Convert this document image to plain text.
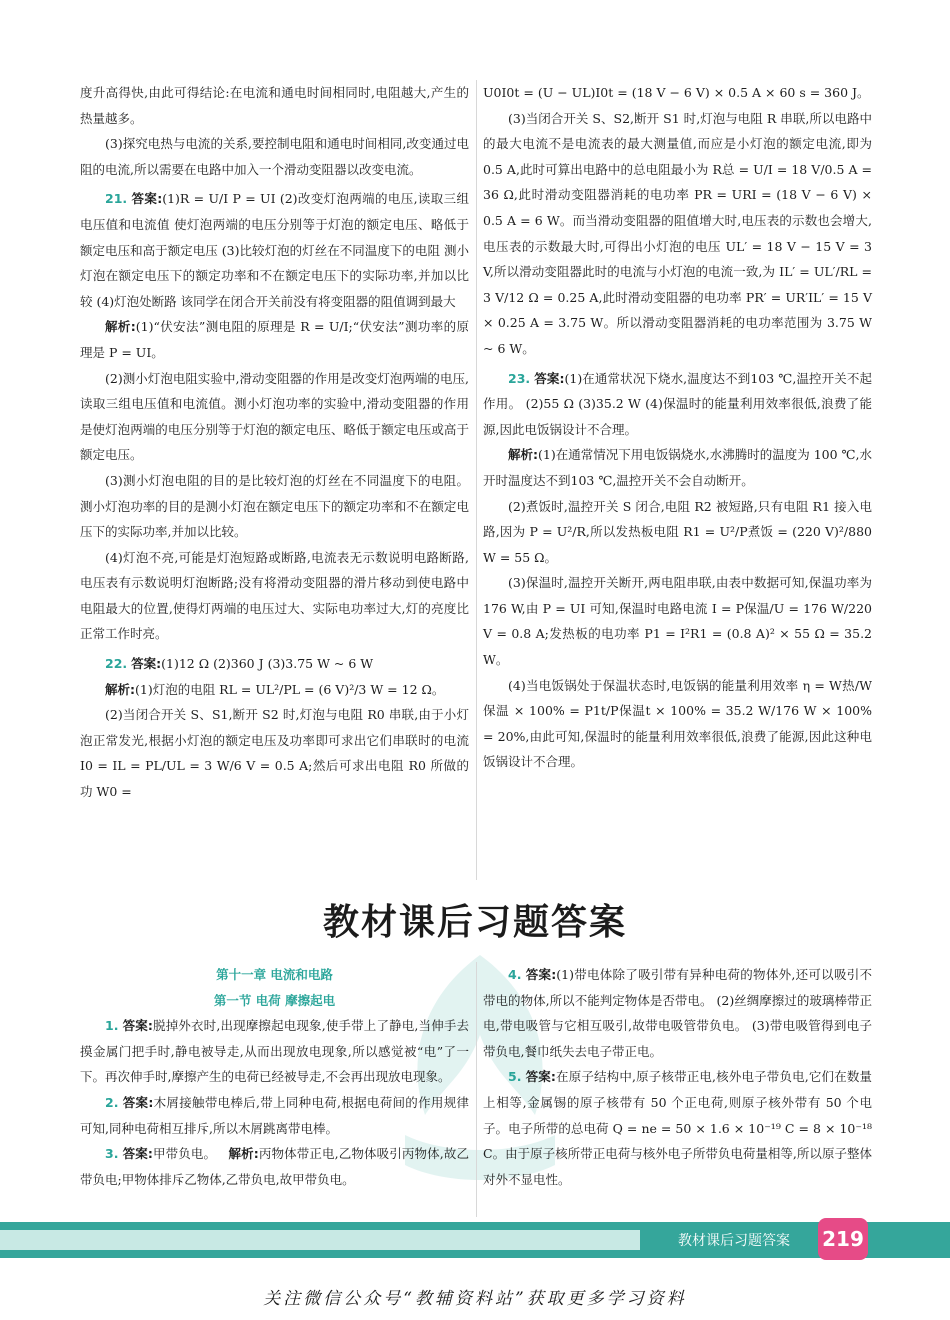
度升高得快,由此可得结论:在电流和通电时间相同时,电阻越大,产生的热量越多。

(3)探究电热与电流的关系,要控制电阻和通电时间相同,改变通过电阻的电流,所以需要在电路中加入一个滑动变阻器以改变电流。

21. 答案:(1)R = U/I P = UI (2)改变灯泡两端的电压,读取三组电压值和电流值 使灯泡两端的电压分别等于灯泡的额定电压、略低于额定电压和高于额定电压 (3)比较灯泡的灯丝在不同温度下的电阻 测小灯泡在额定电压下的额定功率和不在额定电压下的实际功率,并加以比较 (4)灯泡处断路 该同学在闭合开关前没有将变阻器的阻值调到最大

解析:(1)“伏安法”测电阻的原理是 R = U/I;“伏安法”测功率的原理是 P = UI。

(2)测小灯泡电阻实验中,滑动变阻器的作用是改变灯泡两端的电压,读取三组电压值和电流值。测小灯泡功率的实验中,滑动变阻器的作用是使灯泡两端的电压分别等于灯泡的额定电压、略低于额定电压或高于额定电压。

(3)测小灯泡电阻的目的是比较灯泡的灯丝在不同温度下的电阻。测小灯泡功率的目的是测小灯泡在额定电压下的额定功率和不在额定电压下的实际功率,并加以比较。

(4)灯泡不亮,可能是灯泡短路或断路,电流表无示数说明电路断路,电压表有示数说明灯泡断路;没有将滑动变阻器的滑片移动到使电路中电阻最大的位置,使得灯两端的电压过大、实际电功率过大,灯的亮度比正常工作时亮。

22. 答案:(1)12 Ω (2)360 J (3)3.75 W ~ 6 W

解析:(1)灯泡的电阻 RL = UL²/PL = (6 V)²/3 W = 12 Ω。

(2)当闭合开关 S、S1,断开 S2 时,灯泡与电阻 R0 串联,由于小灯泡正常发光,根据小灯泡的额定电压及功率即可求出它们串联时的电流 I0 = IL = PL/UL = 3 W/6 V = 0.5 A;然后可求出电阻 R0 所做的功 W0 =

U0I0t = (U − UL)I0t = (18 V − 6 V) × 0.5 A × 60 s = 360 J。

(3)当闭合开关 S、S2,断开 S1 时,灯泡与电阻 R 串联,所以电路中的最大电流不是电流表的最大测量值,而应是小灯泡的额定电流,即为 0.5 A,此时可算出电路中的总电阻最小为 R总 = U/I = 18 V/0.5 A = 36 Ω,此时滑动变阻器消耗的电功率 PR = URI = (18 V − 6 V) × 0.5 A = 6 W。而当滑动变阻器的阻值增大时,电压表的示数也会增大,电压表的示数最大时,可得出小灯泡的电压 UL′ = 18 V − 15 V = 3 V,所以滑动变阻器此时的电流与小灯泡的电流一致,为 IL′ = UL′/RL = 3 V/12 Ω = 0.25 A,此时滑动变阻器的电功率 PR′ = UR′IL′ = 15 V × 0.25 A = 3.75 W。所以滑动变阻器消耗的电功率范围为 3.75 W ~ 6 W。

23. 答案:(1)在通常状况下烧水,温度达不到103 ℃,温控开关不起作用。 (2)55 Ω (3)35.2 W (4)保温时的能量利用效率很低,浪费了能源,因此电饭锅设计不合理。

解析:(1)在通常情况下用电饭锅烧水,水沸腾时的温度为 100 ℃,水开时温度达不到103 ℃,温控开关不会自动断开。

(2)煮饭时,温控开关 S 闭合,电阻 R2 被短路,只有电阻 R1 接入电路,因为 P = U²/R,所以发热板电阻 R1 = U²/P煮饭 = (220 V)²/880 W = 55 Ω。

(3)保温时,温控开关断开,两电阻串联,由表中数据可知,保温功率为 176 W,由 P = UI 可知,保温时电路电流 I = P保温/U = 176 W/220 V = 0.8 A;发热板的电功率 P1 = I²R1 = (0.8 A)² × 55 Ω = 35.2 W。

(4)当电饭锅处于保温状态时,电饭锅的能量利用效率 η = W热/W保温 × 100% = P1t/P保温t × 100% = 35.2 W/176 W × 100% = 20%,由此可知,保温时的能量利用效率很低,浪费了能源,因此这种电饭锅设计不合理。

教材课后习题答案

第十一章 电流和电路

第一节 电荷 摩擦起电

1. 答案:脱掉外衣时,出现摩擦起电现象,使手带上了静电,当伸手去摸金属门把手时,静电被导走,从而出现放电现象,所以感觉被“电”了一下。再次伸手时,摩擦产生的电荷已经被导走,不会再出现放电现象。

2. 答案:木屑接触带电棒后,带上同种电荷,根据电荷间的作用规律可知,同种电荷相互排斥,所以木屑跳离带电棒。

3. 答案:甲带负电。 解析:丙物体带正电,乙物体吸引丙物体,故乙带负电;甲物体排斥乙物体,乙带负电,故甲带负电。

4. 答案:(1)带电体除了吸引带有异种电荷的物体外,还可以吸引不带电的物体,所以不能判定物体是否带电。 (2)丝绸摩擦过的玻璃棒带正电,带电吸管与它相互吸引,故带电吸管带负电。 (3)带电吸管得到电子带负电,餐巾纸失去电子带正电。

5. 答案:在原子结构中,原子核带正电,核外电子带负电,它们在数量上相等,金属锡的原子核带有 50 个正电荷,则原子核外带有 50 个电子。电子所带的总电荷 Q = ne = 50 × 1.6 × 10⁻¹⁹ C = 8 × 10⁻¹⁸ C。由于原子核所带正电荷与核外电子所带负电荷量相等,所以原子整体对外不显电性。

教材课后习题答案 219
关注微信公众号“教辅资料站”获取更多学习资料
